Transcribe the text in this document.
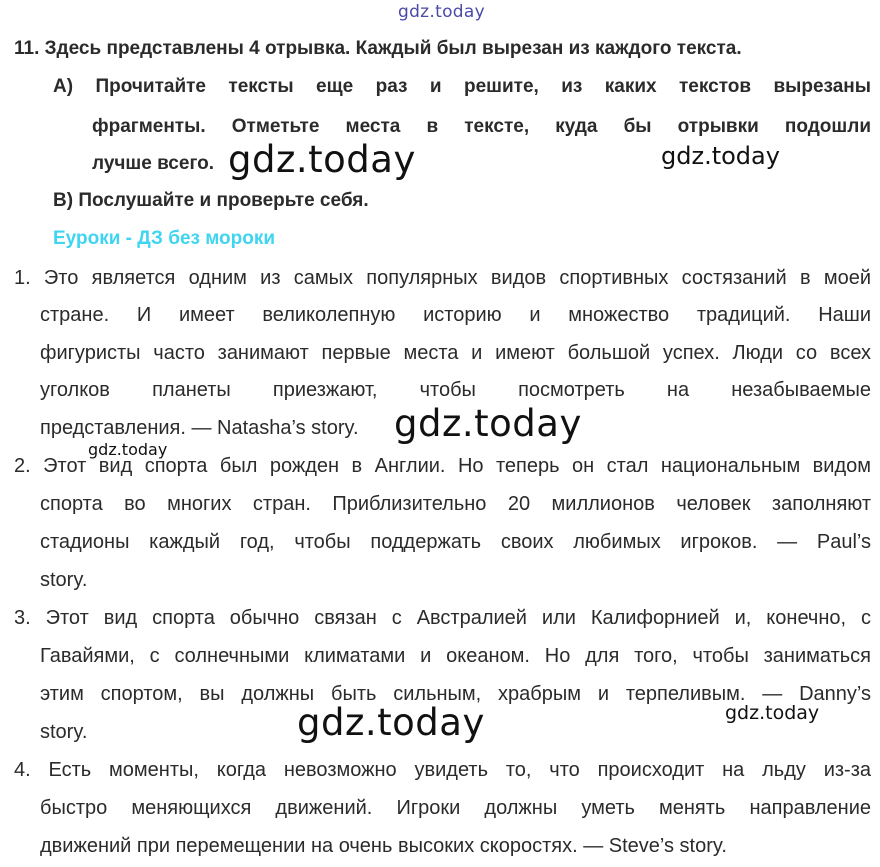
gdz.today
11. Здесь представлены 4 отрывка. Каждый был вырезан из каждого текста.
A) Прочитайте тексты еще раз и решите, из каких текстов вырезаны
фрагменты. Отметьте места в тексте, куда бы отрывки подошли
лучше всего.
B) Послушайте и проверьте себя.
Еуроки - ДЗ без мороки
1. Это является одним из самых популярных видов спортивных состязаний в моей
стране. И имеет великолепную историю и множество традиций. Наши
фигуристы часто занимают первые места и имеют большой успех. Люди со всех
уголков планеты приезжают, чтобы посмотреть на незабываемые
представления. — Natasha’s story.
2. Этот вид спорта был рожден в Англии. Но теперь он стал национальным видом
спорта во многих стран. Приблизительно 20 миллионов человек заполняют
стадионы каждый год, чтобы поддержать своих любимых игроков. — Paul’s
story.
3. Этот вид спорта обычно связан с Австралией или Калифорнией и, конечно, с
Гавайями, с солнечными климатами и океаном. Но для того, чтобы заниматься
этим спортом, вы должны быть сильным, храбрым и терпеливым. — Danny’s
story.
4. Есть моменты, когда невозможно увидеть то, что происходит на льду из-за
быстро меняющихся движений. Игроки должны уметь менять направление
движений при перемещении на очень высоких скоростях. — Steve’s story.
gdz.today	gdz.today
gdz.today
gdz.today
gdz.today	gdz.today
